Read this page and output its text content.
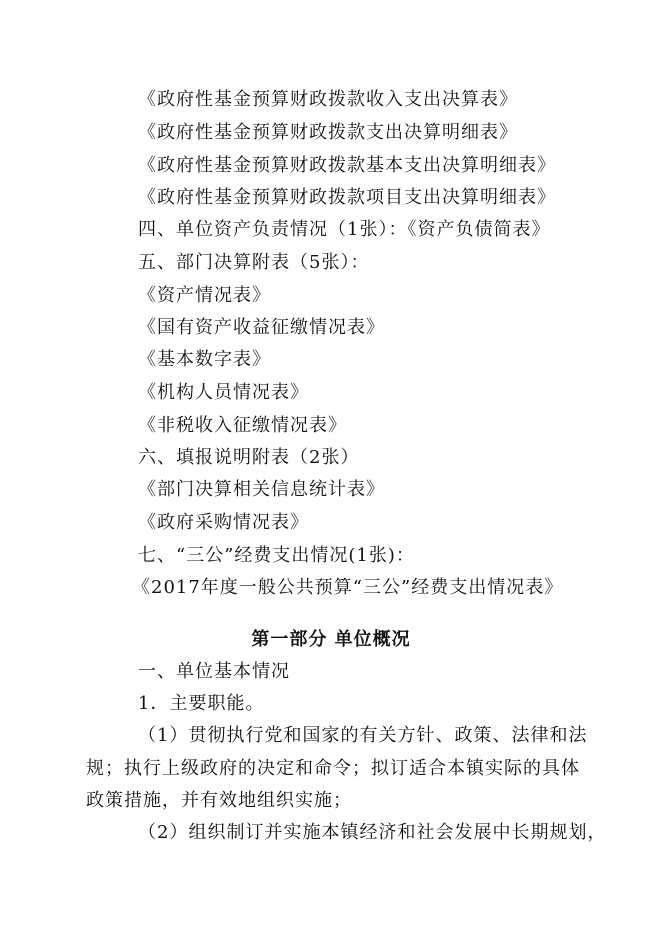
《政府性基金预算财政拨款收入支出决算表》
《政府性基金预算财政拨款支出决算明细表》
《政府性基金预算财政拨款基本支出决算明细表》
《政府性基金预算财政拨款项目支出决算明细表》
四、单位资产负责情况（1张）：《资产负债简表》
五、部门决算附表（5张）：
《资产情况表》
《国有资产收益征缴情况表》
《基本数字表》
《机构人员情况表》
《非税收入征缴情况表》
六、填报说明附表（2张）
《部门决算相关信息统计表》
《政府采购情况表》
七、“三公”经费支出情况(1张)：
《2017年度一般公共预算“三公”经费支出情况表》
第一部分 单位概况
一、单位基本情况
1．主要职能。
（1）贯彻执行党和国家的有关方针、政策、法律和法
规；执行上级政府的决定和命令；拟订适合本镇实际的具体
政策措施，并有效地组织实施；
（2）组织制订并实施本镇经济和社会发展中长期规划，
